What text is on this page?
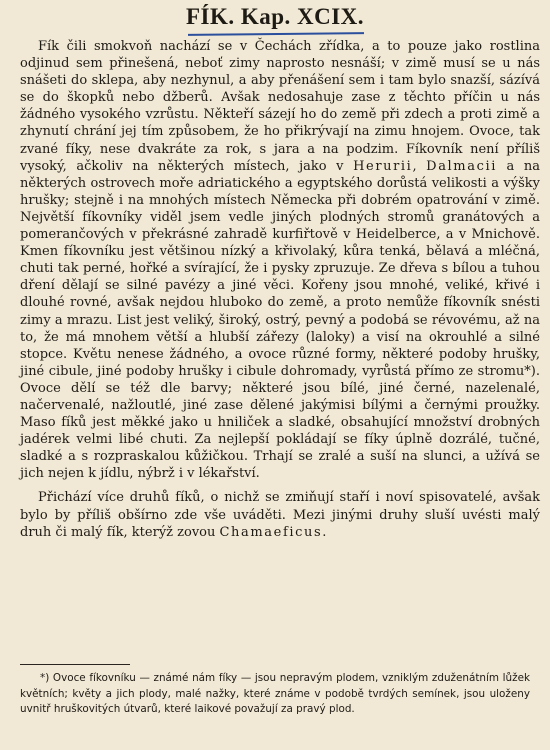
FÍK. Kap. XCIX.

Fík čili smokvoň nachází se v Čechách zřídka, a to pouze jako rostlina odjinud sem přinešená, neboť zimy naprosto nesnáší; v zimě musí se u nás snášeti do sklepa, aby nezhynul, a aby přenášení sem i tam bylo snazší, sázívá se do škopků nebo džberů. Avšak nedosahuje zase z těchto příčin u nás žádného vysokého vzrůstu. Někteří sázejí ho do země při zdech a proti zimě a zhynutí chrání jej tím způsobem, že ho přikrývají na zimu hnojem. Ovoce, tak zvané fíky, nese dvakráte za rok, s jara a na podzim. Fíkovník není příliš vysoký, ačkoliv na některých místech, jako v Herurii, Dalmacii a na některých ostrovech moře adriatického a egyptského dorůstá velikosti a výšky hrušky; stejně i na mnohých místech Německa při dobrém opatrování v zimě. Největší fíkovníky viděl jsem vedle jiných plodných stromů granátových a pomerančových v překrásné zahradě kurfiřtově v Heidelberce, a v Mnichově. Kmen fíkovníku jest většinou nízký a křivolaký, kůra tenká, bělavá a mléčná, chuti tak perné, hořké a svírající, že i pysky zpruzuje. Ze dřeva s bílou a tuhou dření dělají se silné pavézy a jiné věci. Kořeny jsou mnohé, veliké, křivé i dlouhé rovné, avšak nejdou hluboko do země, a proto nemůže fíkovník snésti zimy a mrazu. List jest veliký, široký, ostrý, pevný a podobá se révovému, až na to, že má mnohem větší a hlubší zářezy (laloky) a visí na okrouhlé a silné stopce. Květu nenese žádného, a ovoce různé formy, některé podoby hrušky, jiné cibule, jiné podoby hrušky i cibule dohromady, vyrůstá přímo ze stromu*). Ovoce dělí se též dle barvy; některé jsou bílé, jiné černé, nazelenalé, načervenalé, nažloutlé, jiné zase dělené jakýmisi bílými a černými proužky. Maso fíků jest měkké jako u hniliček a sladké, obsahující množství drobných jadérek velmi libé chuti. Za nejlepší pokládají se fíky úplně dozrálé, tučné, sladké a s rozpraskalou kůžičkou. Trhají se zralé a suší na slunci, a užívá se jich nejen k jídlu, nýbrž i v lékařství.

Přichází více druhů fíků, o nichž se zmiňují staří i noví spisovatelé, avšak bylo by příliš obšírno zde vše uváděti. Mezi jinými druhy sluší uvésti malý druh či malý fík, kterýž zovou Chamaeficus.

*) Ovoce fíkovníku — známé nám fíky — jsou nepravým plodem, vzniklým zduženátním lůžek květních; květy a jich plody, malé nažky, které známe v podobě tvrdých semínek, jsou uloženy uvnitř hruškovitých útvarů, které laikové považují za pravý plod.
